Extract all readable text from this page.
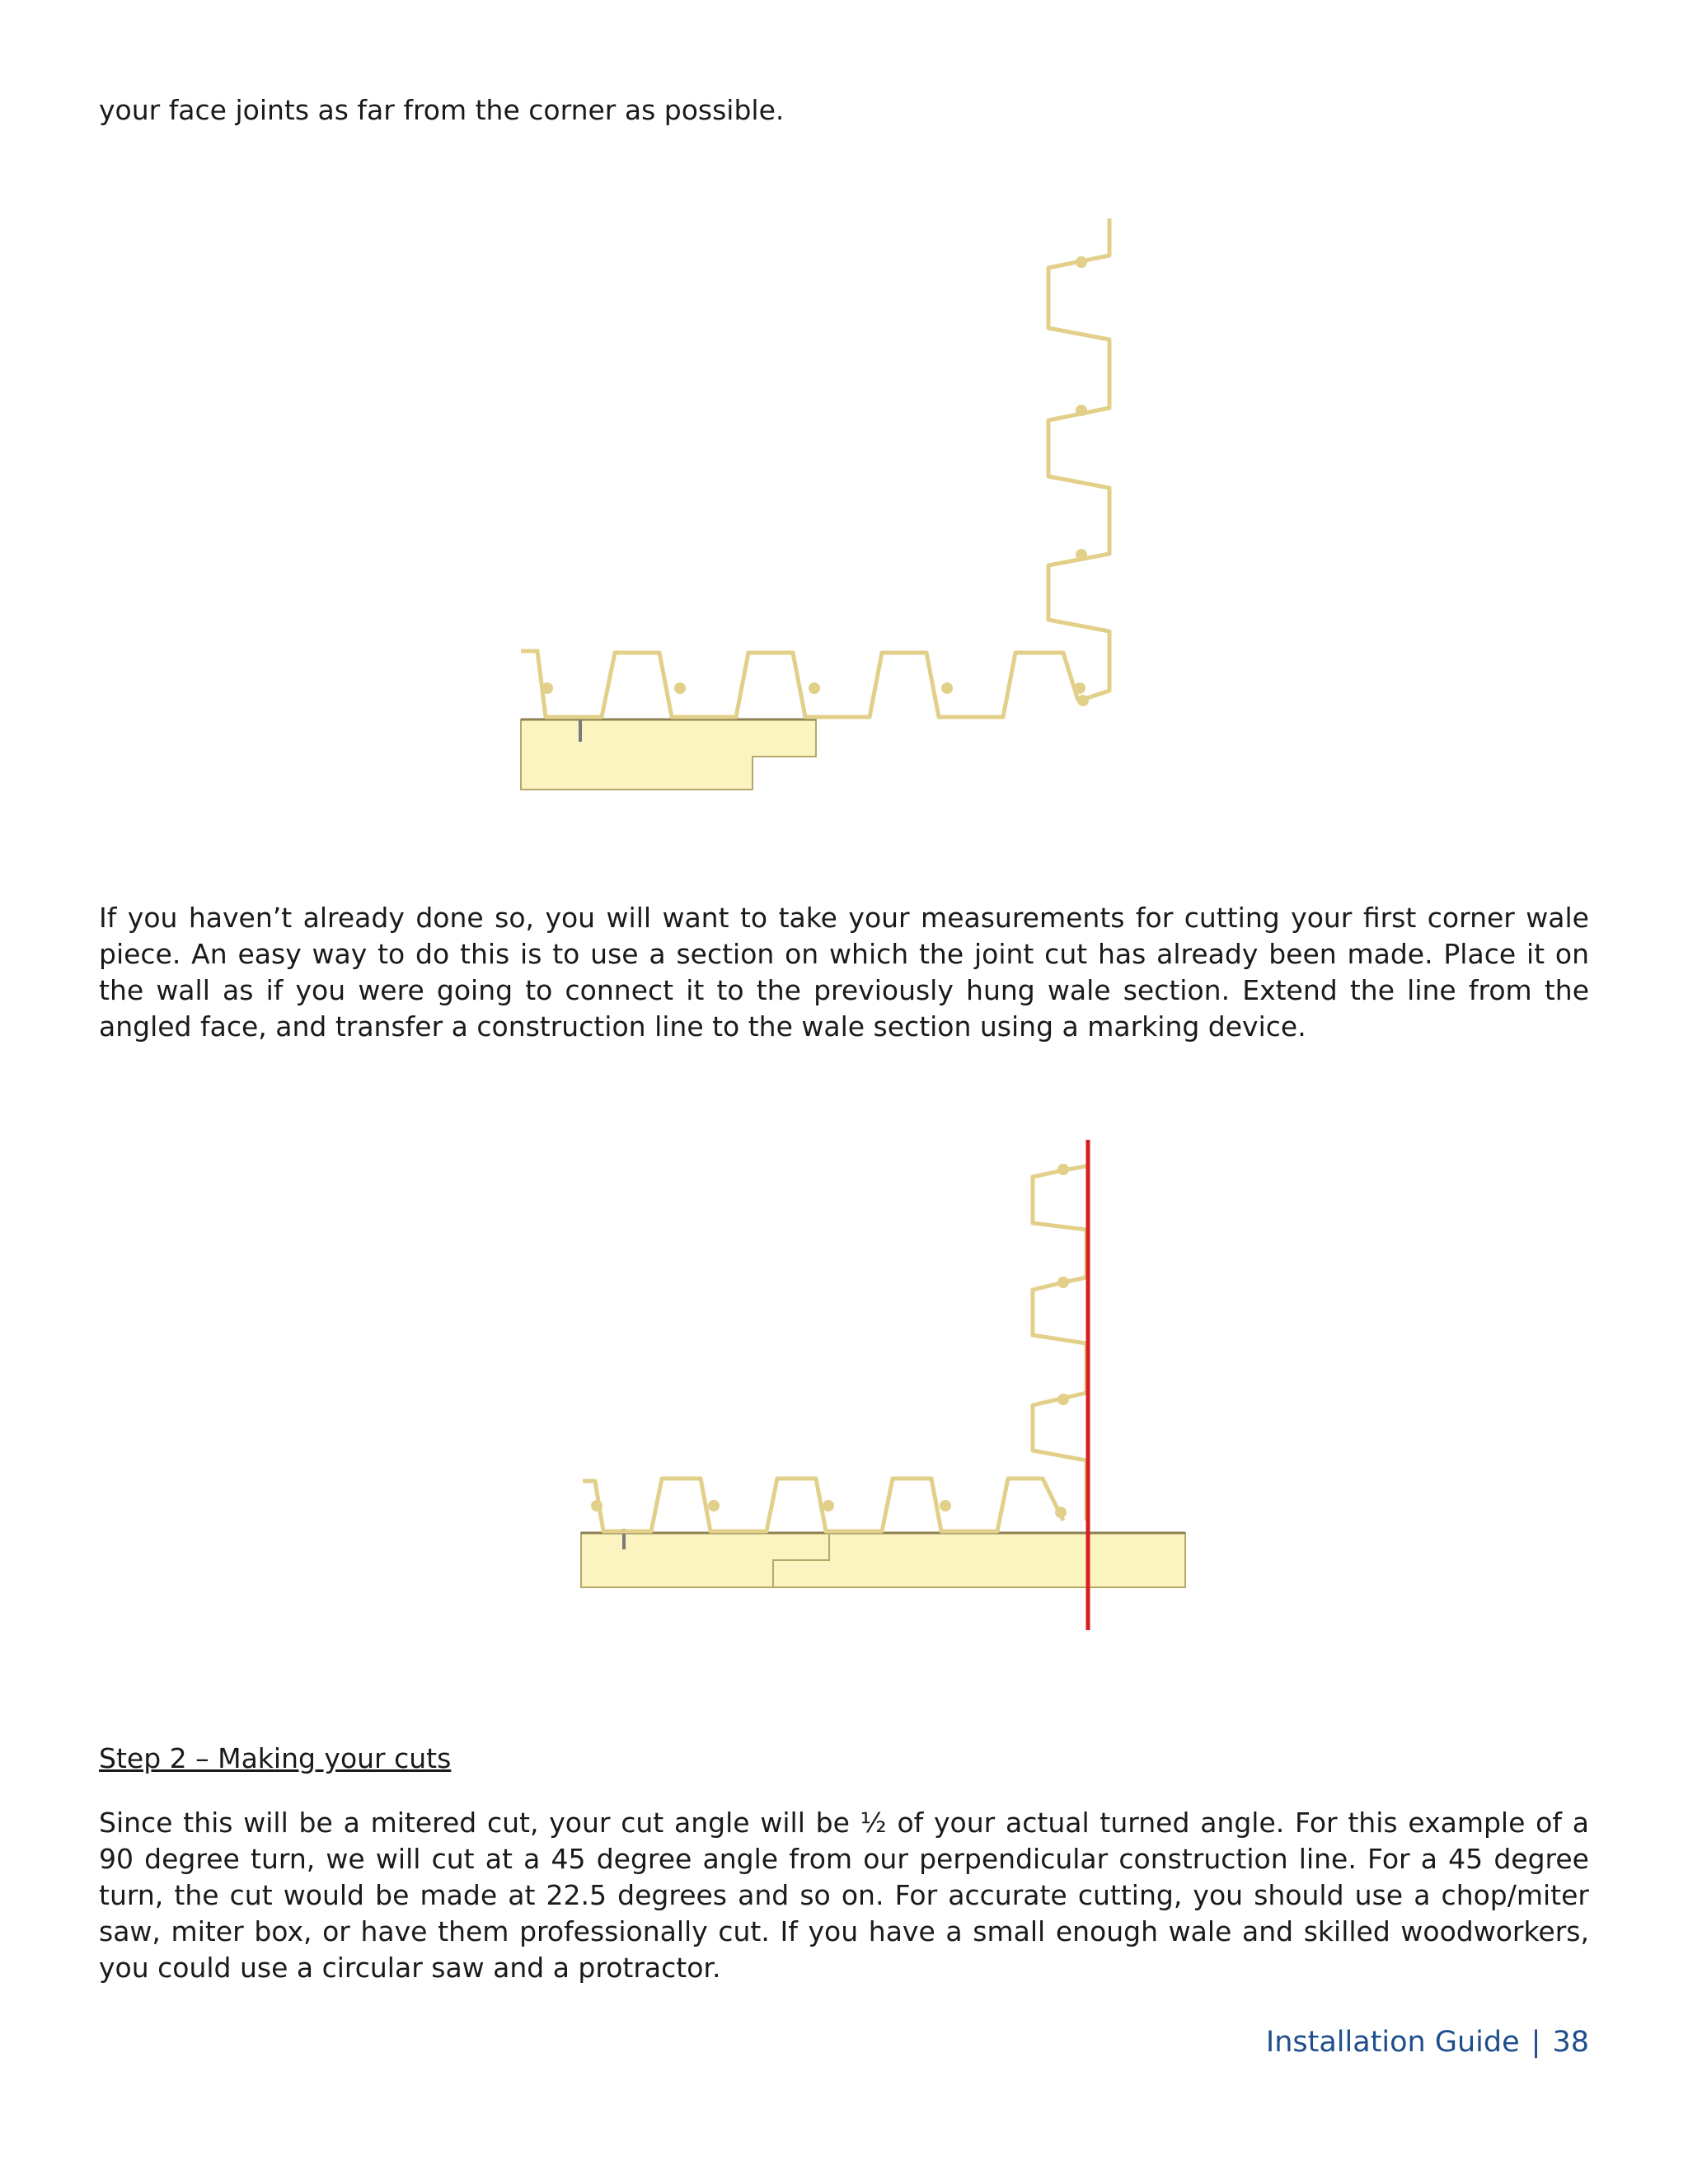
your face joints as far from the corner as possible.

If you haven’t already done so, you will want to take your measurements for cutting your first corner wale piece. An easy way to do this is to use a section on which the joint cut has already been made. Place it on the wall as if you were going to connect it to the previously hung wale section. Extend the line from the angled face, and transfer a construction line to the wale section using a marking device.

Step 2 – Making your cuts

Since this will be a mitered cut, your cut angle will be ½ of your actual turned angle. For this example of a 90 degree turn, we will cut at a 45 degree angle from our perpendicular construction line. For a 45 degree turn, the cut would be made at 22.5 degrees and so on. For accurate cutting, you should use a chop/miter saw, miter box, or have them professionally cut. If you have a small enough wale and skilled woodworkers, you could use a circular saw and a protractor.

Installation Guide | 38
